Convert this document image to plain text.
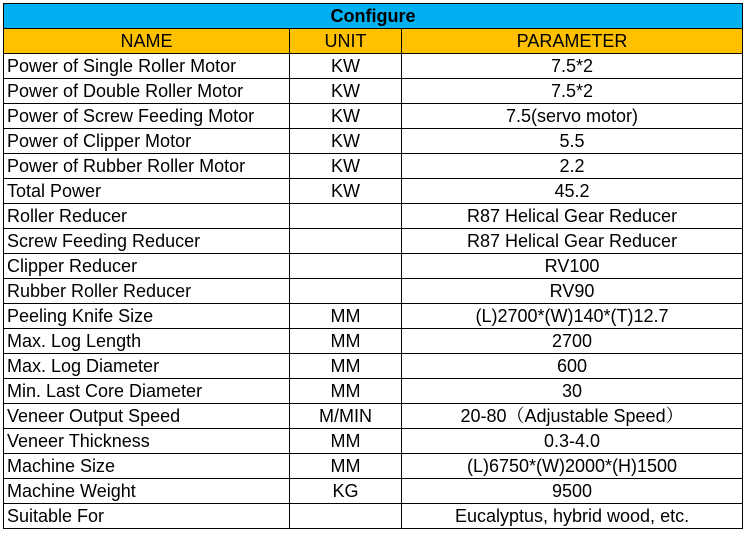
Configure		
NAME	UNIT	PARAMETER
Power of Single Roller Motor	KW	7.5*2
Power of Double Roller Motor	KW	7.5*2
Power of Screw Feeding Motor	KW	7.5(servo motor)
Power of Clipper Motor	KW	5.5
Power of Rubber Roller Motor	KW	2.2
Total Power	KW	45.2
Roller Reducer		R87 Helical Gear Reducer
Screw Feeding Reducer		R87 Helical Gear Reducer
Clipper Reducer		RV100
Rubber Roller Reducer		RV90
Peeling Knife Size	MM	(L)2700*(W)140*(T)12.7
Max. Log Length	MM	2700
Max. Log Diameter	MM	600
Min. Last Core Diameter	MM	30
Veneer Output Speed	M/MIN	20-80（Adjustable Speed）
Veneer Thickness	MM	0.3-4.0
Machine Size	MM	(L)6750*(W)2000*(H)1500
Machine Weight	KG	9500
Suitable For		Eucalyptus, hybrid wood, etc.
